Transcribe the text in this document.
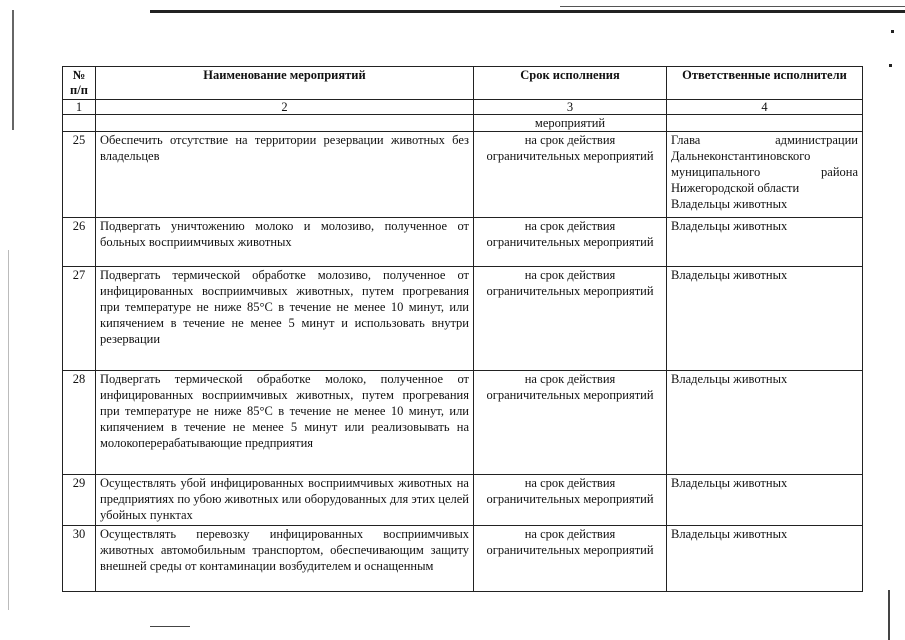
№ п/п	Наименование мероприятий	Срок исполнения	Ответственные исполнители
1	2	3	4
		мероприятий	
25	Обеспечить отсутствие на территории резервации животных без владельцев	на срок действия ограничительных мероприятий	Глава администрации
Дальнеконстантиновского
муниципального района
Нижегородской области
Владельцы животных

26	Подвергать уничтожению молоко и молозиво, полученное от больных восприимчивых животных	на срок действия ограничительных мероприятий	Владельцы животных
27	Подвергать термической обработке молозиво, полученное от инфицированных восприимчивых животных, путем прогревания при температуре не ниже 85°С в течение не менее 10 минут, или кипячением в течение не менее 5 минут и использовать внутри резервации	на срок действия ограничительных мероприятий	Владельцы животных
28	Подвергать термической обработке молоко, полученное от инфицированных восприимчивых животных, путем прогревания при температуре не ниже 85°С в течение не менее 10 минут, или кипячением в течение не менее 5 минут или реализовывать на молокоперерабатывающие предприятия	на срок действия ограничительных мероприятий	Владельцы животных
29	Осуществлять убой инфицированных восприимчивых животных на предприятиях по убою животных или оборудованных для этих целей убойных пунктах	на срок действия ограничительных мероприятий	Владельцы животных
30	Осуществлять перевозку инфицированных восприимчивых животных автомобильным транспортом, обеспечивающим защиту внешней среды от контаминации возбудителем и оснащенным	на срок действия ограничительных мероприятий	Владельцы животных
